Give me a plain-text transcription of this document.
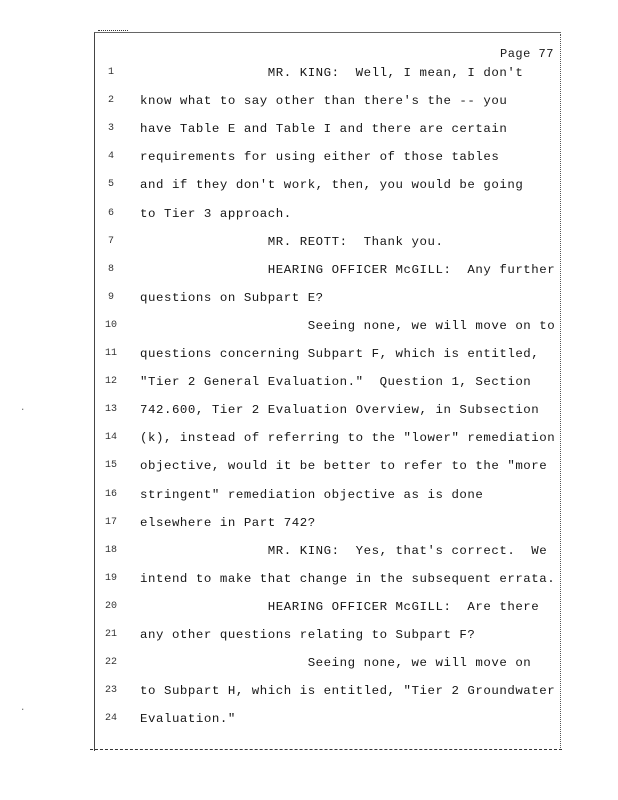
·
·
Page 77
1	MR. KING:  Well, I mean, I don't
2	know what to say other than there's the -- you
3	have Table E and Table I and there are certain
4	requirements for using either of those tables
5	and if they don't work, then, you would be going
6	to Tier 3 approach.
7	MR. REOTT:  Thank you.
8	HEARING OFFICER McGILL:  Any further
9	questions on Subpart E?
10	Seeing none, we will move on to
11	questions concerning Subpart F, which is entitled,
12	"Tier 2 General Evaluation."  Question 1, Section
13	742.600, Tier 2 Evaluation Overview, in Subsection
14	(k), instead of referring to the "lower" remediation
15	objective, would it be better to refer to the "more
16	stringent" remediation objective as is done
17	elsewhere in Part 742?
18	MR. KING:  Yes, that's correct.  We
19	intend to make that change in the subsequent errata.
20	HEARING OFFICER McGILL:  Are there
21	any other questions relating to Subpart F?
22	Seeing none, we will move on
23	to Subpart H, which is entitled, "Tier 2 Groundwater
24	Evaluation."
